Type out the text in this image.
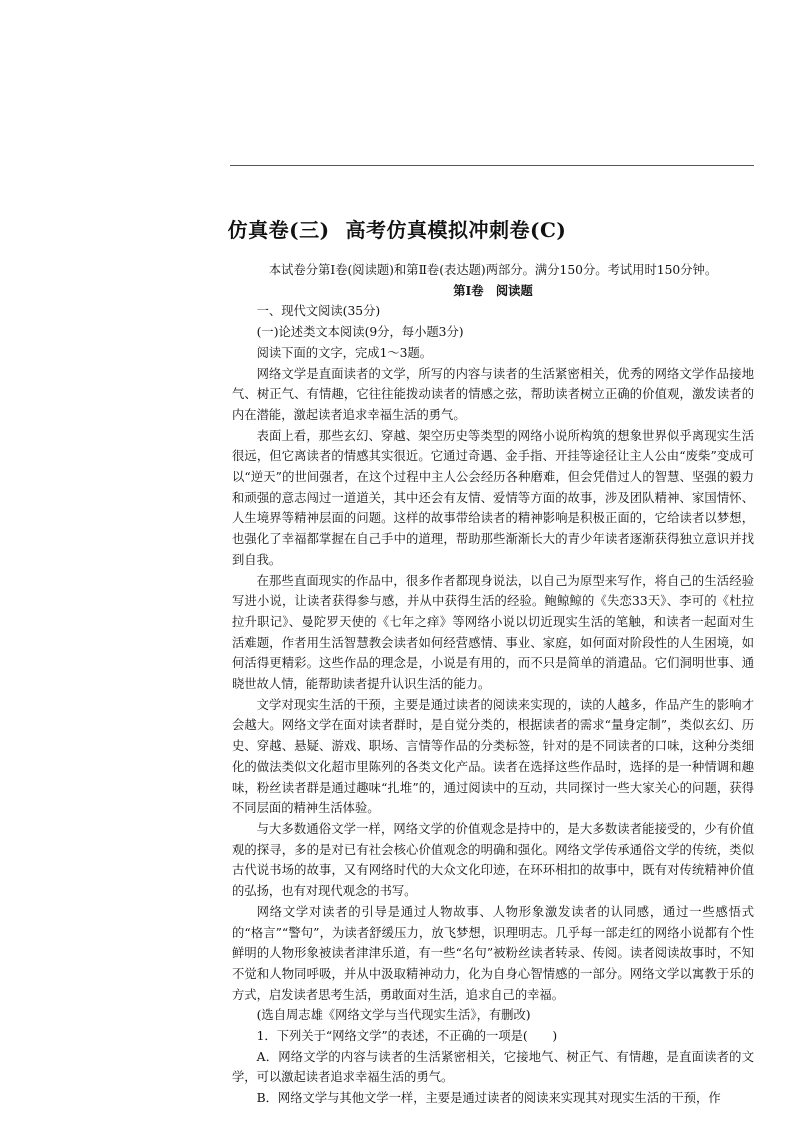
仿真卷(三) 高考仿真模拟冲刺卷(C)

本试卷分第Ⅰ卷(阅读题)和第Ⅱ卷(表达题)两部分。满分150分。考试用时150分钟。

第Ⅰ卷　阅读题

一、现代文阅读(35分)

(一)论述类文本阅读(9分，每小题3分)

阅读下面的文字，完成1～3题。

网络文学是直面读者的文学，所写的内容与读者的生活紧密相关，优秀的网络文学作品接地气、树正气、有情趣，它往往能拨动读者的情感之弦，帮助读者树立正确的价值观，激发读者的内在潜能，激起读者追求幸福生活的勇气。

表面上看，那些玄幻、穿越、架空历史等类型的网络小说所构筑的想象世界似乎离现实生活很远，但它离读者的情感其实很近。它通过奇遇、金手指、开挂等途径让主人公由“废柴”变成可以“逆天”的世间强者，在这个过程中主人公会经历各种磨难，但会凭借过人的智慧、坚强的毅力和顽强的意志闯过一道道关，其中还会有友情、爱情等方面的故事，涉及团队精神、家国情怀、人生境界等精神层面的问题。这样的故事带给读者的精神影响是积极正面的，它给读者以梦想，也强化了幸福都掌握在自己手中的道理，帮助那些渐渐长大的青少年读者逐渐获得独立意识并找到自我。

在那些直面现实的作品中，很多作者都现身说法，以自己为原型来写作，将自己的生活经验写进小说，让读者获得参与感，并从中获得生活的经验。鲍鲸鲸的《失恋33天》、李可的《杜拉拉升职记》、曼陀罗天使的《七年之痒》等网络小说以切近现实生活的笔触，和读者一起面对生活难题，作者用生活智慧教会读者如何经营感情、事业、家庭，如何面对阶段性的人生困境，如何活得更精彩。这些作品的理念是，小说是有用的，而不只是简单的消遣品。它们洞明世事、通晓世故人情，能帮助读者提升认识生活的能力。

文学对现实生活的干预，主要是通过读者的阅读来实现的，读的人越多，作品产生的影响才会越大。网络文学在面对读者群时，是自觉分类的，根据读者的需求“量身定制”，类似玄幻、历史、穿越、悬疑、游戏、职场、言情等作品的分类标签，针对的是不同读者的口味，这种分类细化的做法类似文化超市里陈列的各类文化产品。读者在选择这些作品时，选择的是一种情调和趣味，粉丝读者群是通过趣味“扎堆”的，通过阅读中的互动，共同探讨一些大家关心的问题，获得不同层面的精神生活体验。

与大多数通俗文学一样，网络文学的价值观念是持中的，是大多数读者能接受的，少有价值观的探寻，多的是对已有社会核心价值观念的明确和强化。网络文学传承通俗文学的传统，类似古代说书场的故事，又有网络时代的大众文化印迹，在环环相扣的故事中，既有对传统精神价值的弘扬，也有对现代观念的书写。

网络文学对读者的引导是通过人物故事、人物形象激发读者的认同感，通过一些感悟式的“格言”“警句”，为读者舒缓压力，放飞梦想，识理明志。几乎每一部走红的网络小说都有个性鲜明的人物形象被读者津津乐道，有一些“名句”被粉丝读者转录、传阅。读者阅读故事时，不知不觉和人物同呼吸，并从中汲取精神动力，化为自身心智情感的一部分。网络文学以寓教于乐的方式，启发读者思考生活，勇敢面对生活，追求自己的幸福。

(选自周志雄《网络文学与当代现实生活》，有删改)

1．下列关于“网络文学”的表述，不正确的一项是(　　)

A．网络文学的内容与读者的生活紧密相关，它接地气、树正气、有情趣，是直面读者的文学，可以激起读者追求幸福生活的勇气。

B．网络文学与其他文学一样，主要是通过读者的阅读来实现其对现实生活的干预，作
